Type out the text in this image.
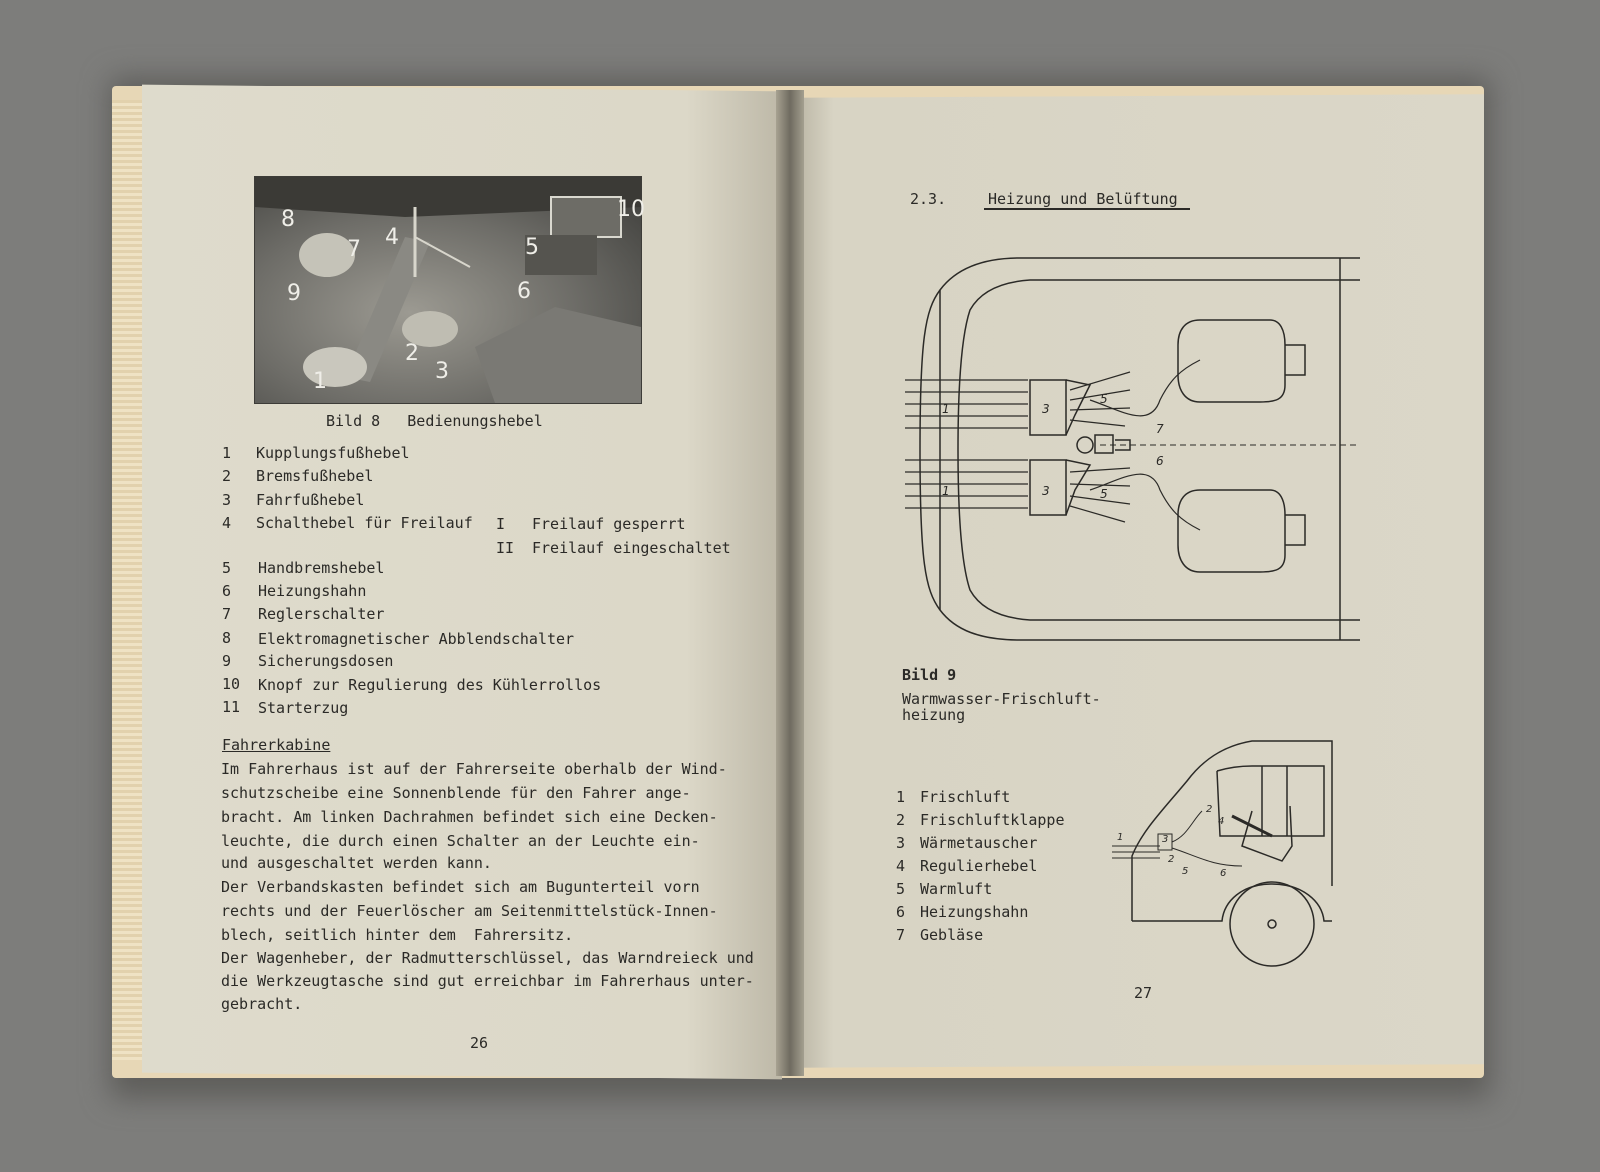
8
7 4
9
1
2
3
5
6
10
Bild 8   Bedienungshebel
1 Kupplungsfußhebel
2 Bremsfußhebel
3 Fahrfußhebel
4 Schalthebel für Freilauf I Freilauf gesperrt
II Freilauf eingeschaltet
5 Handbremshebel
6 Heizungshahn
7 Reglerschalter
8 Elektromagnetischer Abblendschalter
9 Sicherungsdosen
10 Knopf zur Regulierung des Kühlerrollos
11 Starterzug
Fahrerkabine
Im Fahrerhaus ist auf der Fahrerseite oberhalb der Wind-
schutzscheibe eine Sonnenblende für den Fahrer ange-
bracht. Am linken Dachrahmen befindet sich eine Decken-
leuchte, die durch einen Schalter an der Leuchte ein-
und ausgeschaltet werden kann.
Der Verbandskasten befindet sich am Bugunterteil vorn
rechts und der Feuerlöscher am Seitenmittelstück-Innen-
blech, seitlich hinter dem  Fahrersitz.
Der Wagenheber, der Radmutterschlüssel, das Warndreieck und
die Werkzeugtasche sind gut erreichbar im Fahrerhaus unter-
gebracht.
26
2.3.	Heizung und Belüftung
1	3
5
7
6
1	3	5
Bild 9
Warmwasser-Frischluft-
heizung
1	3
2
5
2
4
6
1 Frischluft
2 Frischluftklappe
3 Wärmetauscher
4 Regulierhebel
5 Warmluft
6 Heizungshahn
7 Gebläse
27
